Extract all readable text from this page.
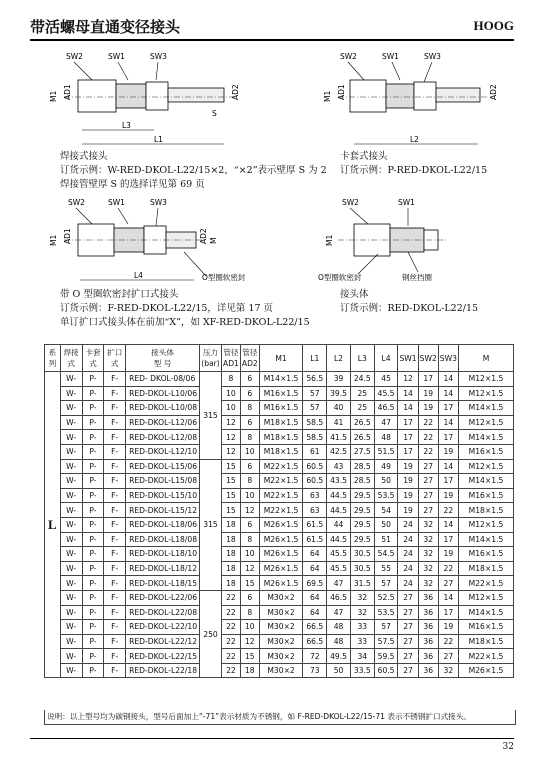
带活螺母直通变径接头	HOOG
SW2	SW1	SW3
M1 AD1	AD2
S
L3
L1
焊接式接头
订货示例：W-RED-DKOL-L22/15×2，“×2”表示壁厚 S 为 2
焊接管壁厚 S 的选择详见第 69 页
SW2	SW1	SW3
M1 AD1	AD2
L2
卡套式接头
订货示例：P-RED-DKOL-L22/15
SW2	SW1	SW3
M1 AD1	AD2 M
L4	O型圈软密封
带 O 型圈软密封扩口式接头
订货示例：F-RED-DKOL-L22/15，详见第 17 页
单订扩口式接头体在前加“X”，如 XF-RED-DKOL-L22/15
SW2	SW1
M1
O型圈软密封	钢丝挡圈
接头体
订货示例：RED-DKOL-L22/15
系
列	焊接
式	卡套
式	扩口
式	接头体
型 号	压力
(bar)	管径
AD1	管径
AD2	M1	L1	L2	L3	L4	SW1	SW2	SW3	M
L	W-	P-	F-	RED- DKOL-08/06	315	8	6	M14×1.5	56.5	39	24.5	45	12	17	14	M12×1.5
	W-	P-	F-	RED-DKOL-L10/06		10	6	M16×1.5	57	39.5	25	45.5	14	19	14	M12×1.5
	W-	P-	F-	RED-DKOL-L10/08		10	8	M16×1.5	57	40	25	46.5	14	19	17	M14×1.5
	W-	P-	F-	RED-DKOL-L12/06		12	6	M18×1.5	58.5	41	26.5	47	17	22	14	M12×1.5
	W-	P-	F-	RED-DKOL-L12/08		12	8	M18×1.5	58.5	41.5	26.5	48	17	22	17	M14×1.5
	W-	P-	F-	RED-DKOL-L12/10		12	10	M18×1.5	61	42.5	27.5	51.5	17	22	19	M16×1.5
	W-	P-	F-	RED-DKOL-L15/06	315	15	6	M22×1.5	60.5	43	28.5	49	19	27	14	M12×1.5
	W-	P-	F-	RED-DKOL-L15/08		15	8	M22×1.5	60.5	43.5	28.5	50	19	27	17	M14×1.5
	W-	P-	F-	RED-DKOL-L15/10		15	10	M22×1.5	63	44.5	29.5	53.5	19	27	19	M16×1.5
	W-	P-	F-	RED-DKOL-L15/12		15	12	M22×1.5	63	44.5	29.5	54	19	27	22	M18×1.5
	W-	P-	F-	RED-DKOL-L18/06		18	6	M26×1.5	61.5	44	29.5	50	24	32	14	M12×1.5
	W-	P-	F-	RED-DKOL-L18/08		18	8	M26×1.5	61.5	44.5	29.5	51	24	32	17	M14×1.5
	W-	P-	F-	RED-DKOL-L18/10		18	10	M26×1.5	64	45.5	30.5	54.5	24	32	19	M16×1.5
	W-	P-	F-	RED-DKOL-L18/12		18	12	M26×1.5	64	45.5	30.5	55	24	32	22	M18×1.5
	W-	P-	F-	RED-DKOL-L18/15		18	15	M26×1.5	69.5	47	31.5	57	24	32	27	M22×1.5
	W-	P-	F-	RED-DKOL-L22/06	250	22	6	M30×2	64	46.5	32	52.5	27	36	14	M12×1.5
	W-	P-	F-	RED-DKOL-L22/08		22	8	M30×2	64	47	32	53.5	27	36	17	M14×1.5
	W-	P-	F-	RED-DKOL-L22/10		22	10	M30×2	66.5	48	33	57	27	36	19	M16×1.5
	W-	P-	F-	RED-DKOL-L22/12		22	12	M30×2	66.5	48	33	57.5	27	36	22	M18×1.5
	W-	P-	F-	RED-DKOL-L22/15		22	15	M30×2	72	49.5	34	59.5	27	36	27	M22×1.5
	W-	P-	F-	RED-DKOL-L22/18		22	18	M30×2	73	50	33.5	60.5	27	36	32	M26×1.5
说明：以上型号均为碳钢接头，型号后面加上“-71”表示材质为不锈钢，如 F-RED-DKOL-L22/15-71 表示不锈钢扩口式接头。
32
